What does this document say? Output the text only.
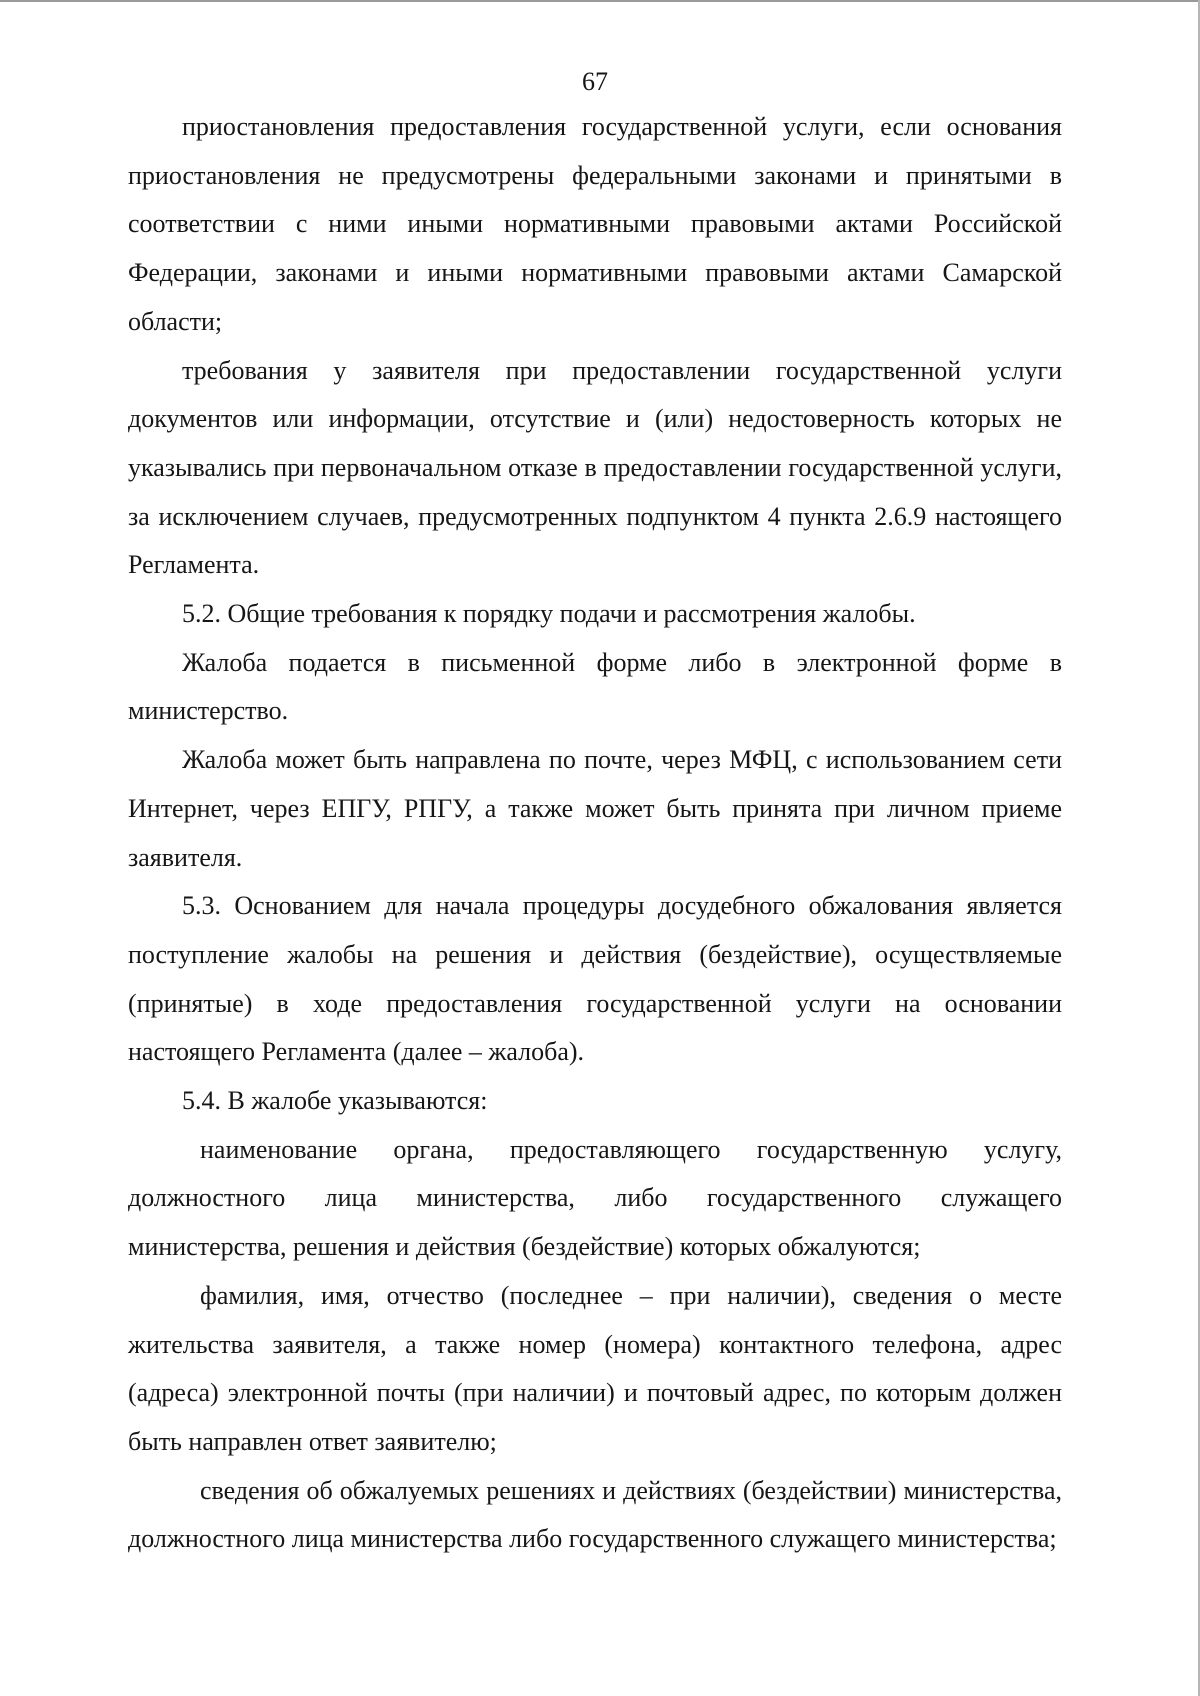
67

приостановления предоставления государственной услуги, если основания приостановления не предусмотрены федеральными законами и принятыми в соответствии с ними иными нормативными правовыми актами Российской Федерации, законами и иными нормативными правовыми актами Самарской области;

требования у заявителя при предоставлении государственной услуги документов или информации, отсутствие и (или) недостоверность которых не указывались при первоначальном отказе в предоставлении государственной услуги, за исключением случаев, предусмотренных подпунктом 4 пункта 2.6.9 настоящего Регламента.

5.2. Общие требования к порядку подачи и рассмотрения жалобы.

Жалоба подается в письменной форме либо в электронной форме в министерство.

Жалоба может быть направлена по почте, через МФЦ, с использованием сети Интернет, через ЕПГУ, РПГУ, а также может быть принята при личном приеме заявителя.

5.3. Основанием для начала процедуры досудебного обжалования является поступление жалобы на решения и действия (бездействие), осуществляемые (принятые) в ходе предоставления государственной услуги на основании настоящего Регламента (далее – жалоба).

5.4. В жалобе указываются:

наименование органа, предоставляющего государственную услугу, должностного лица министерства, либо государственного служащего министерства, решения и действия (бездействие) которых обжалуются;

фамилия, имя, отчество (последнее – при наличии), сведения о месте жительства заявителя, а также номер (номера) контактного телефона, адрес (адреса) электронной почты (при наличии) и почтовый адрес, по которым должен быть направлен ответ заявителю;

сведения об обжалуемых решениях и действиях (бездействии) министерства, должностного лица министерства либо государственного служащего министерства;
